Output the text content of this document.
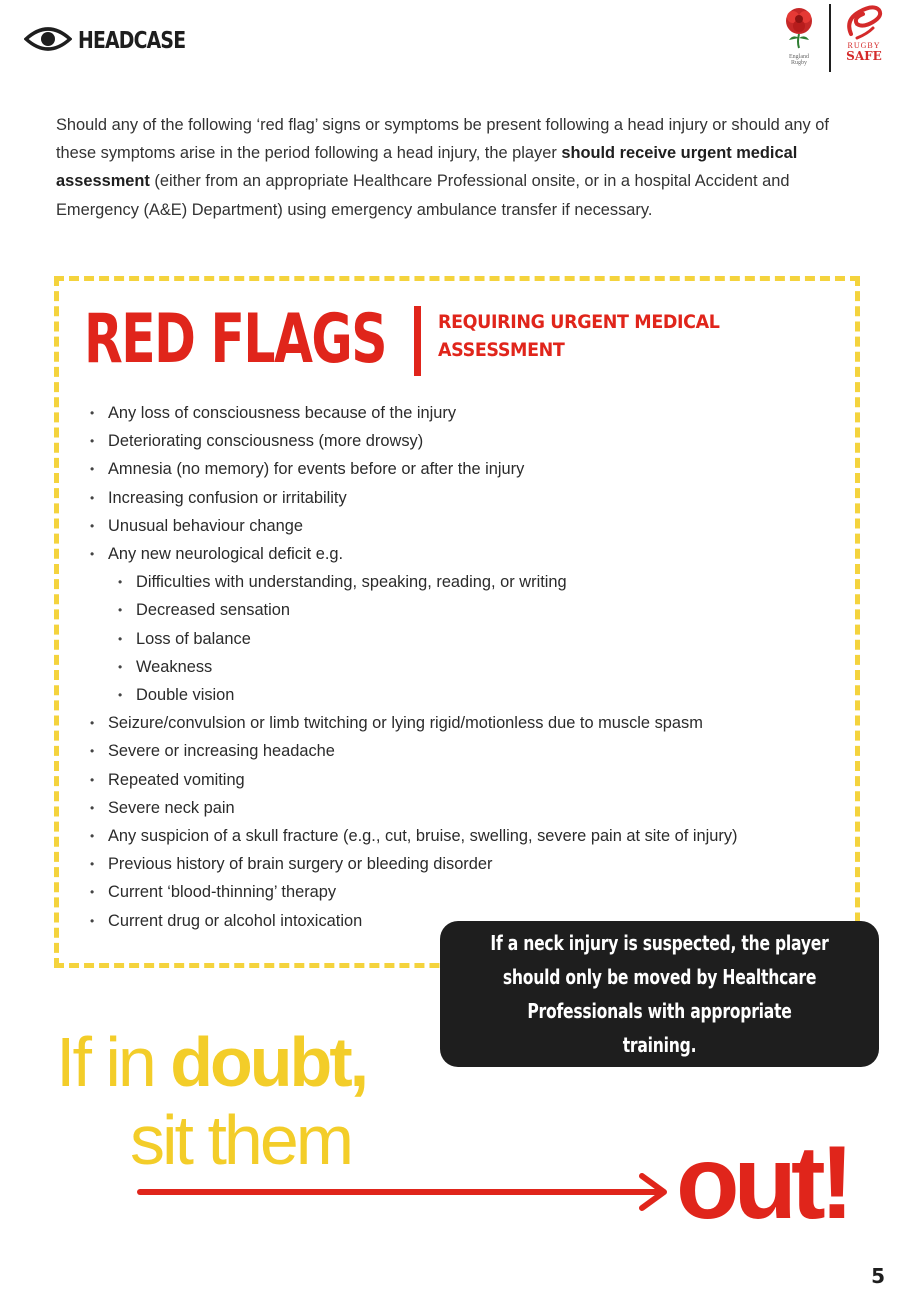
HEADCASE
England
Rugby
RUGBY
SAFE

Should any of the following ‘red flag’ signs or symptoms be present following a head injury or should any of these symptoms arise in the period following a head injury, the player should receive urgent medical assessment (either from an appropriate Healthcare Professional onsite, or in a hospital Accident and Emergency (A&E) Department) using emergency ambulance transfer if necessary.

RED FLAGS	REQUIRING URGENT MEDICAL ASSESSMENT
• Any loss of consciousness because of the injury
• Deteriorating consciousness (more drowsy)
• Amnesia (no memory) for events before or after the injury
• Increasing confusion or irritability
• Unusual behaviour change
• Any new neurological deficit e.g.
• Difficulties with understanding, speaking, reading, or writing
• Decreased sensation
• Loss of balance
• Weakness
• Double vision
• Seizure/convulsion or limb twitching or lying rigid/motionless due to muscle spasm
• Severe or increasing headache
• Repeated vomiting
• Severe neck pain
• Any suspicion of a skull fracture (e.g., cut, bruise, swelling, severe pain at site of injury)
• Previous history of brain surgery or bleeding disorder
• Current ‘blood-thinning’ therapy
• Current drug or alcohol intoxication
If a neck injury is suspected, the player should only be moved by Healthcare Professionals with appropriate training.
If in doubt,
sit them	out!
5
